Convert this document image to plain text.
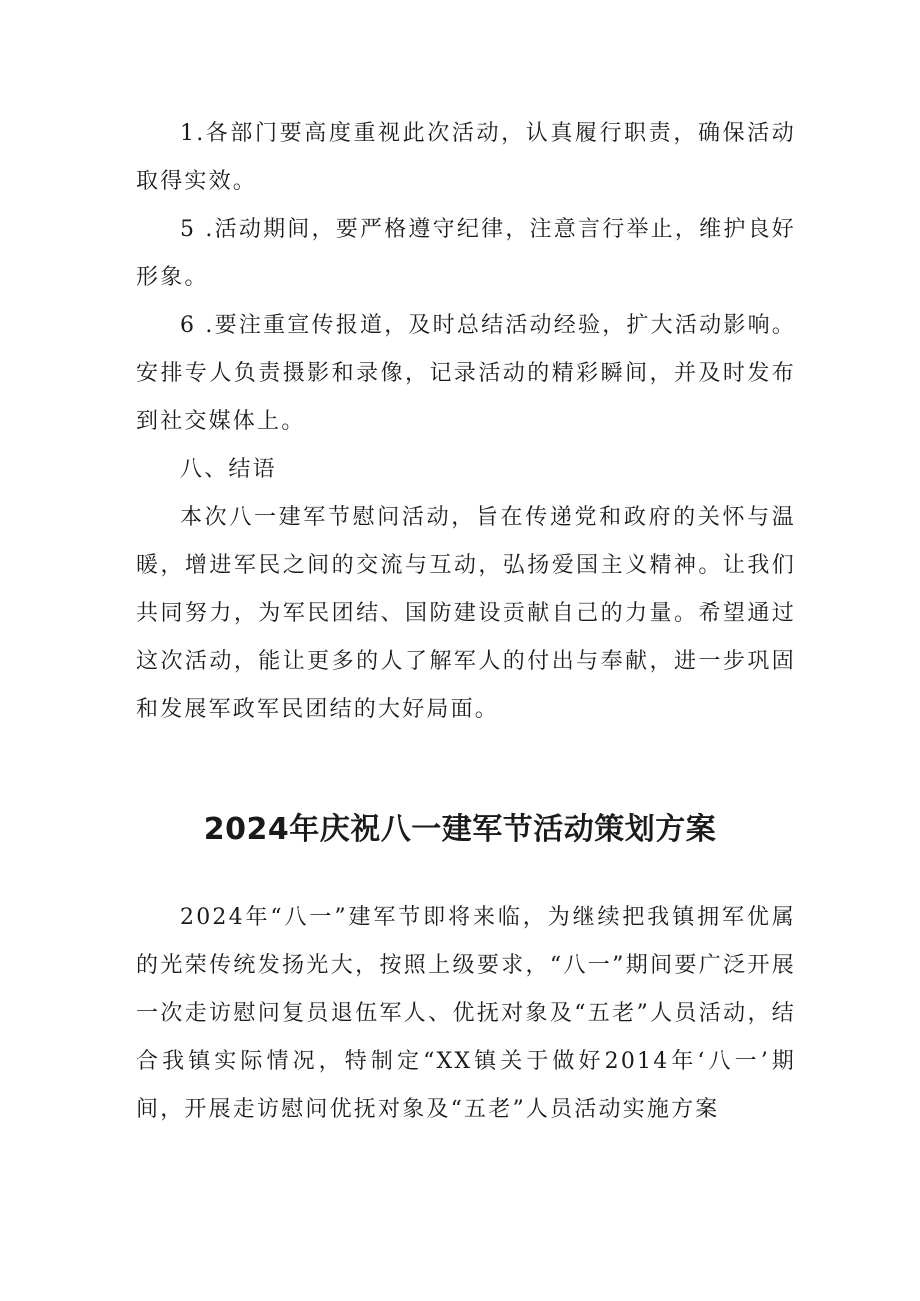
1.各部门要高度重视此次活动，认真履行职责，确保活动取得实效。

5 .活动期间，要严格遵守纪律，注意言行举止，维护良好形象。

6 .要注重宣传报道，及时总结活动经验，扩大活动影响。安排专人负责摄影和录像，记录活动的精彩瞬间，并及时发布到社交媒体上。

八、结语

本次八一建军节慰问活动，旨在传递党和政府的关怀与温暖，增进军民之间的交流与互动，弘扬爱国主义精神。让我们共同努力，为军民团结、国防建设贡献自己的力量。希望通过这次活动，能让更多的人了解军人的付出与奉献，进一步巩固和发展军政军民团结的大好局面。

2024年庆祝八一建军节活动策划方案

2024年“八一”建军节即将来临，为继续把我镇拥军优属的光荣传统发扬光大，按照上级要求，“八一”期间要广泛开展一次走访慰问复员退伍军人、优抚对象及“五老”人员活动，结合我镇实际情况，特制定“XX镇关于做好2014年‘八一’期间，开展走访慰问优抚对象及“五老”人员活动实施方案
